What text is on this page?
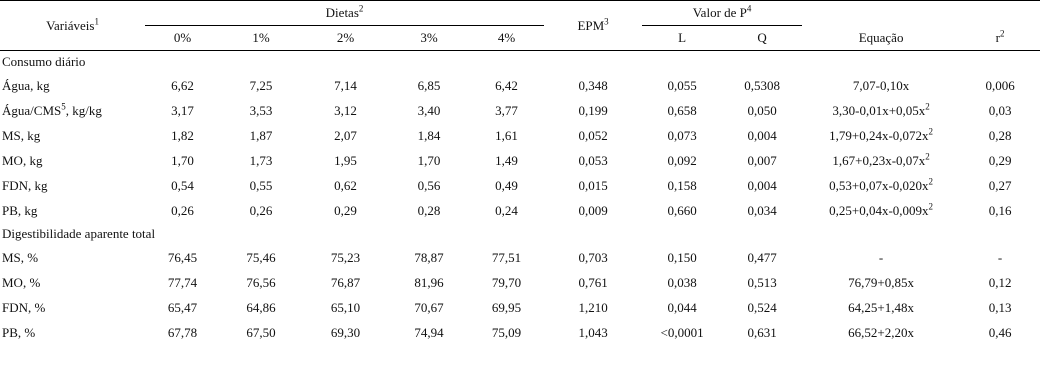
Variáveis$^1$	Dietas$^2$					EPM$^3$	Valor de $P^4$		Equação	$r^2$
	0%	1%	2%	3%	4%		L	Q		
Consumo diário										
Água, kg	6,62	7,25	7,14	6,85	6,42	0,348	0,055	0,5308	7,07-0,10x	0,006
Água/CMS$^5$, kg/kg	3,17	3,53	3,12	3,40	3,77	0,199	0,658	0,050	$3,30-0,01x+0,05x^2$	0,03
MS, kg	1,82	1,87	2,07	1,84	1,61	0,052	0,073	0,004	$1,79+0,24x-0,072x^2$	0,28
MO, kg	1,70	1,73	1,95	1,70	1,49	0,053	0,092	0,007	$1,67+0,23x-0,07x^2$	0,29
FDN, kg	0,54	0,55	0,62	0,56	0,49	0,015	0,158	0,004	$0,53+0,07x-0,020x^2$	0,27
PB, kg	0,26	0,26	0,29	0,28	0,24	0,009	0,660	0,034	$0,25+0,04x-0,009x^2$	0,16
Digestibilidade aparente total										
MS, %	76,45	75,46	75,23	78,87	77,51	0,703	0,150	0,477	-	-
MO, %	77,74	76,56	76,87	81,96	79,70	0,761	0,038	0,513	76,79+0,85x	0,12
FDN, %	65,47	64,86	65,10	70,67	69,95	1,210	0,044	0,524	64,25+1,48x	0,13
PB, %	67,78	67,50	69,30	74,94	75,09	1,043	<0,0001	0,631	66,52+2,20x	0,46
